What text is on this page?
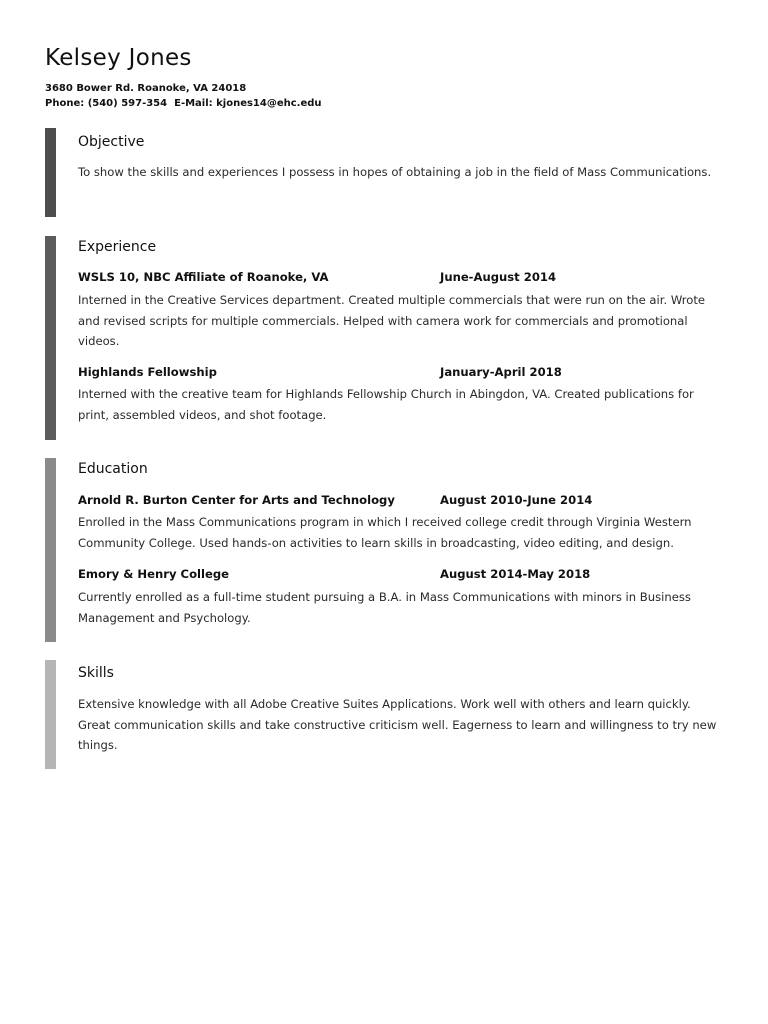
Kelsey Jones
3680 Bower Rd. Roanoke, VA 24018
Phone: (540) 597-354 E-Mail: kjones14@ehc.edu
Objective

To show the skills and experiences I possess in hopes of obtaining a job in the field of Mass Communications.

Experience
WSLS 10, NBC Affiliate of Roanoke, VA	June-August 2014

Interned in the Creative Services department. Created multiple commercials that were run on the air. Wrote and revised scripts for multiple commercials. Helped with camera work for commercials and promotional videos.

Highlands Fellowship	January-April 2018

Interned with the creative team for Highlands Fellowship Church in Abingdon, VA. Created publications for print, assembled videos, and shot footage.

Education
Arnold R. Burton Center for Arts and Technology	August 2010-June 2014

Enrolled in the Mass Communications program in which I received college credit through Virginia Western Community College. Used hands-on activities to learn skills in broadcasting, video editing, and design.

Emory & Henry College	August 2014-May 2018

Currently enrolled as a full-time student pursuing a B.A. in Mass Communications with minors in Business Management and Psychology.

Skills

Extensive knowledge with all Adobe Creative Suites Applications. Work well with others and learn quickly. Great communication skills and take constructive criticism well. Eagerness to learn and willingness to try new things.
